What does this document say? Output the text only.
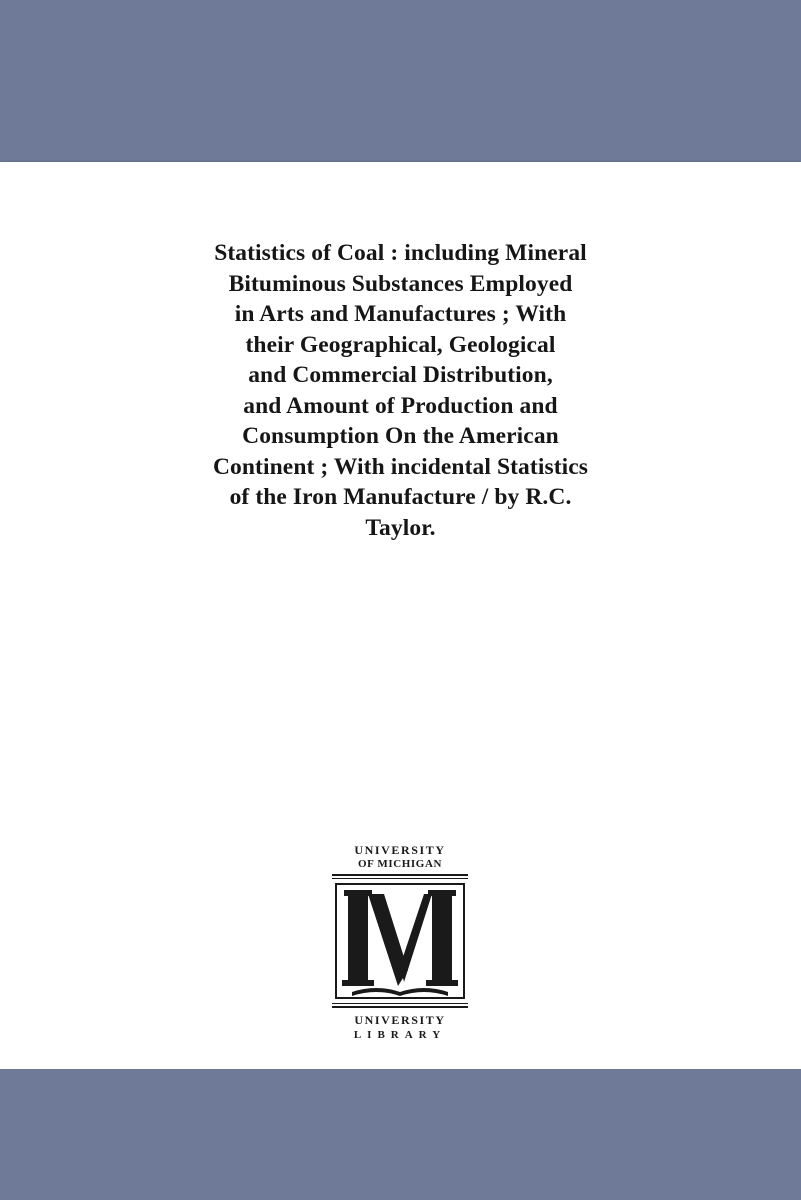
Statistics of Coal : including Mineral
Bituminous Substances Employed
in Arts and Manufactures ; With
their Geographical, Geological
and Commercial Distribution,
and Amount of Production and
Consumption On the American
Continent ; With incidental Statistics
of the Iron Manufacture / by R.C.
Taylor.
UNIVERSITY
OF MICHIGAN
UNIVERSITY
LIBRARY
